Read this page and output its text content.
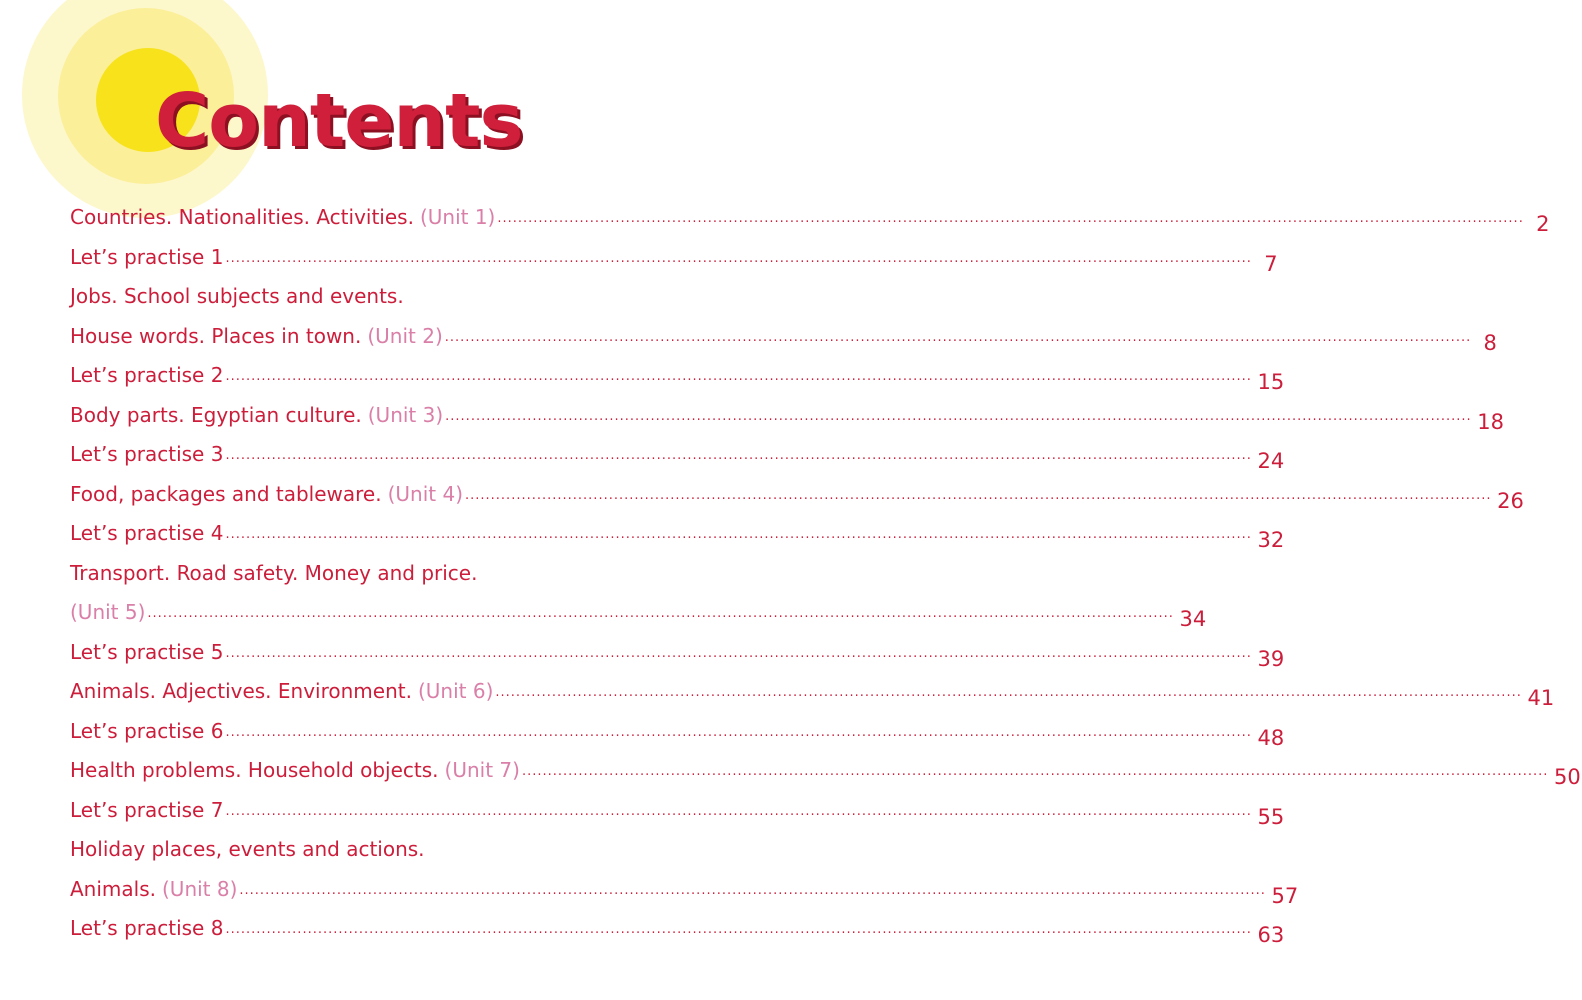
Contents
Countries. Nationalities. Activities. (Unit 1) ........................................................................................................................................................................................................ 2
Let’s practise 1 ........................................................................................................................................................................................................ 7
Jobs. School subjects and events.
House words. Places in town. (Unit 2) ........................................................................................................................................................................................................ 8
Let’s practise 2 ........................................................................................................................................................................................................ 15
Body parts. Egyptian culture. (Unit 3) ........................................................................................................................................................................................................ 18
Let’s practise 3 ........................................................................................................................................................................................................ 24
Food, packages and tableware. (Unit 4) ........................................................................................................................................................................................................ 26
Let’s practise 4 ........................................................................................................................................................................................................ 32
Transport. Road safety. Money and price.
(Unit 5) ........................................................................................................................................................................................................ 34
Let’s practise 5 ........................................................................................................................................................................................................ 39
Animals. Adjectives. Environment. (Unit 6) ........................................................................................................................................................................................................ 41
Let’s practise 6 ........................................................................................................................................................................................................ 48
Health problems. Household objects. (Unit 7) ........................................................................................................................................................................................................ 50
Let’s practise 7 ........................................................................................................................................................................................................ 55
Holiday places, events and actions.
Animals. (Unit 8) ........................................................................................................................................................................................................ 57
Let’s practise 8 ........................................................................................................................................................................................................ 63
